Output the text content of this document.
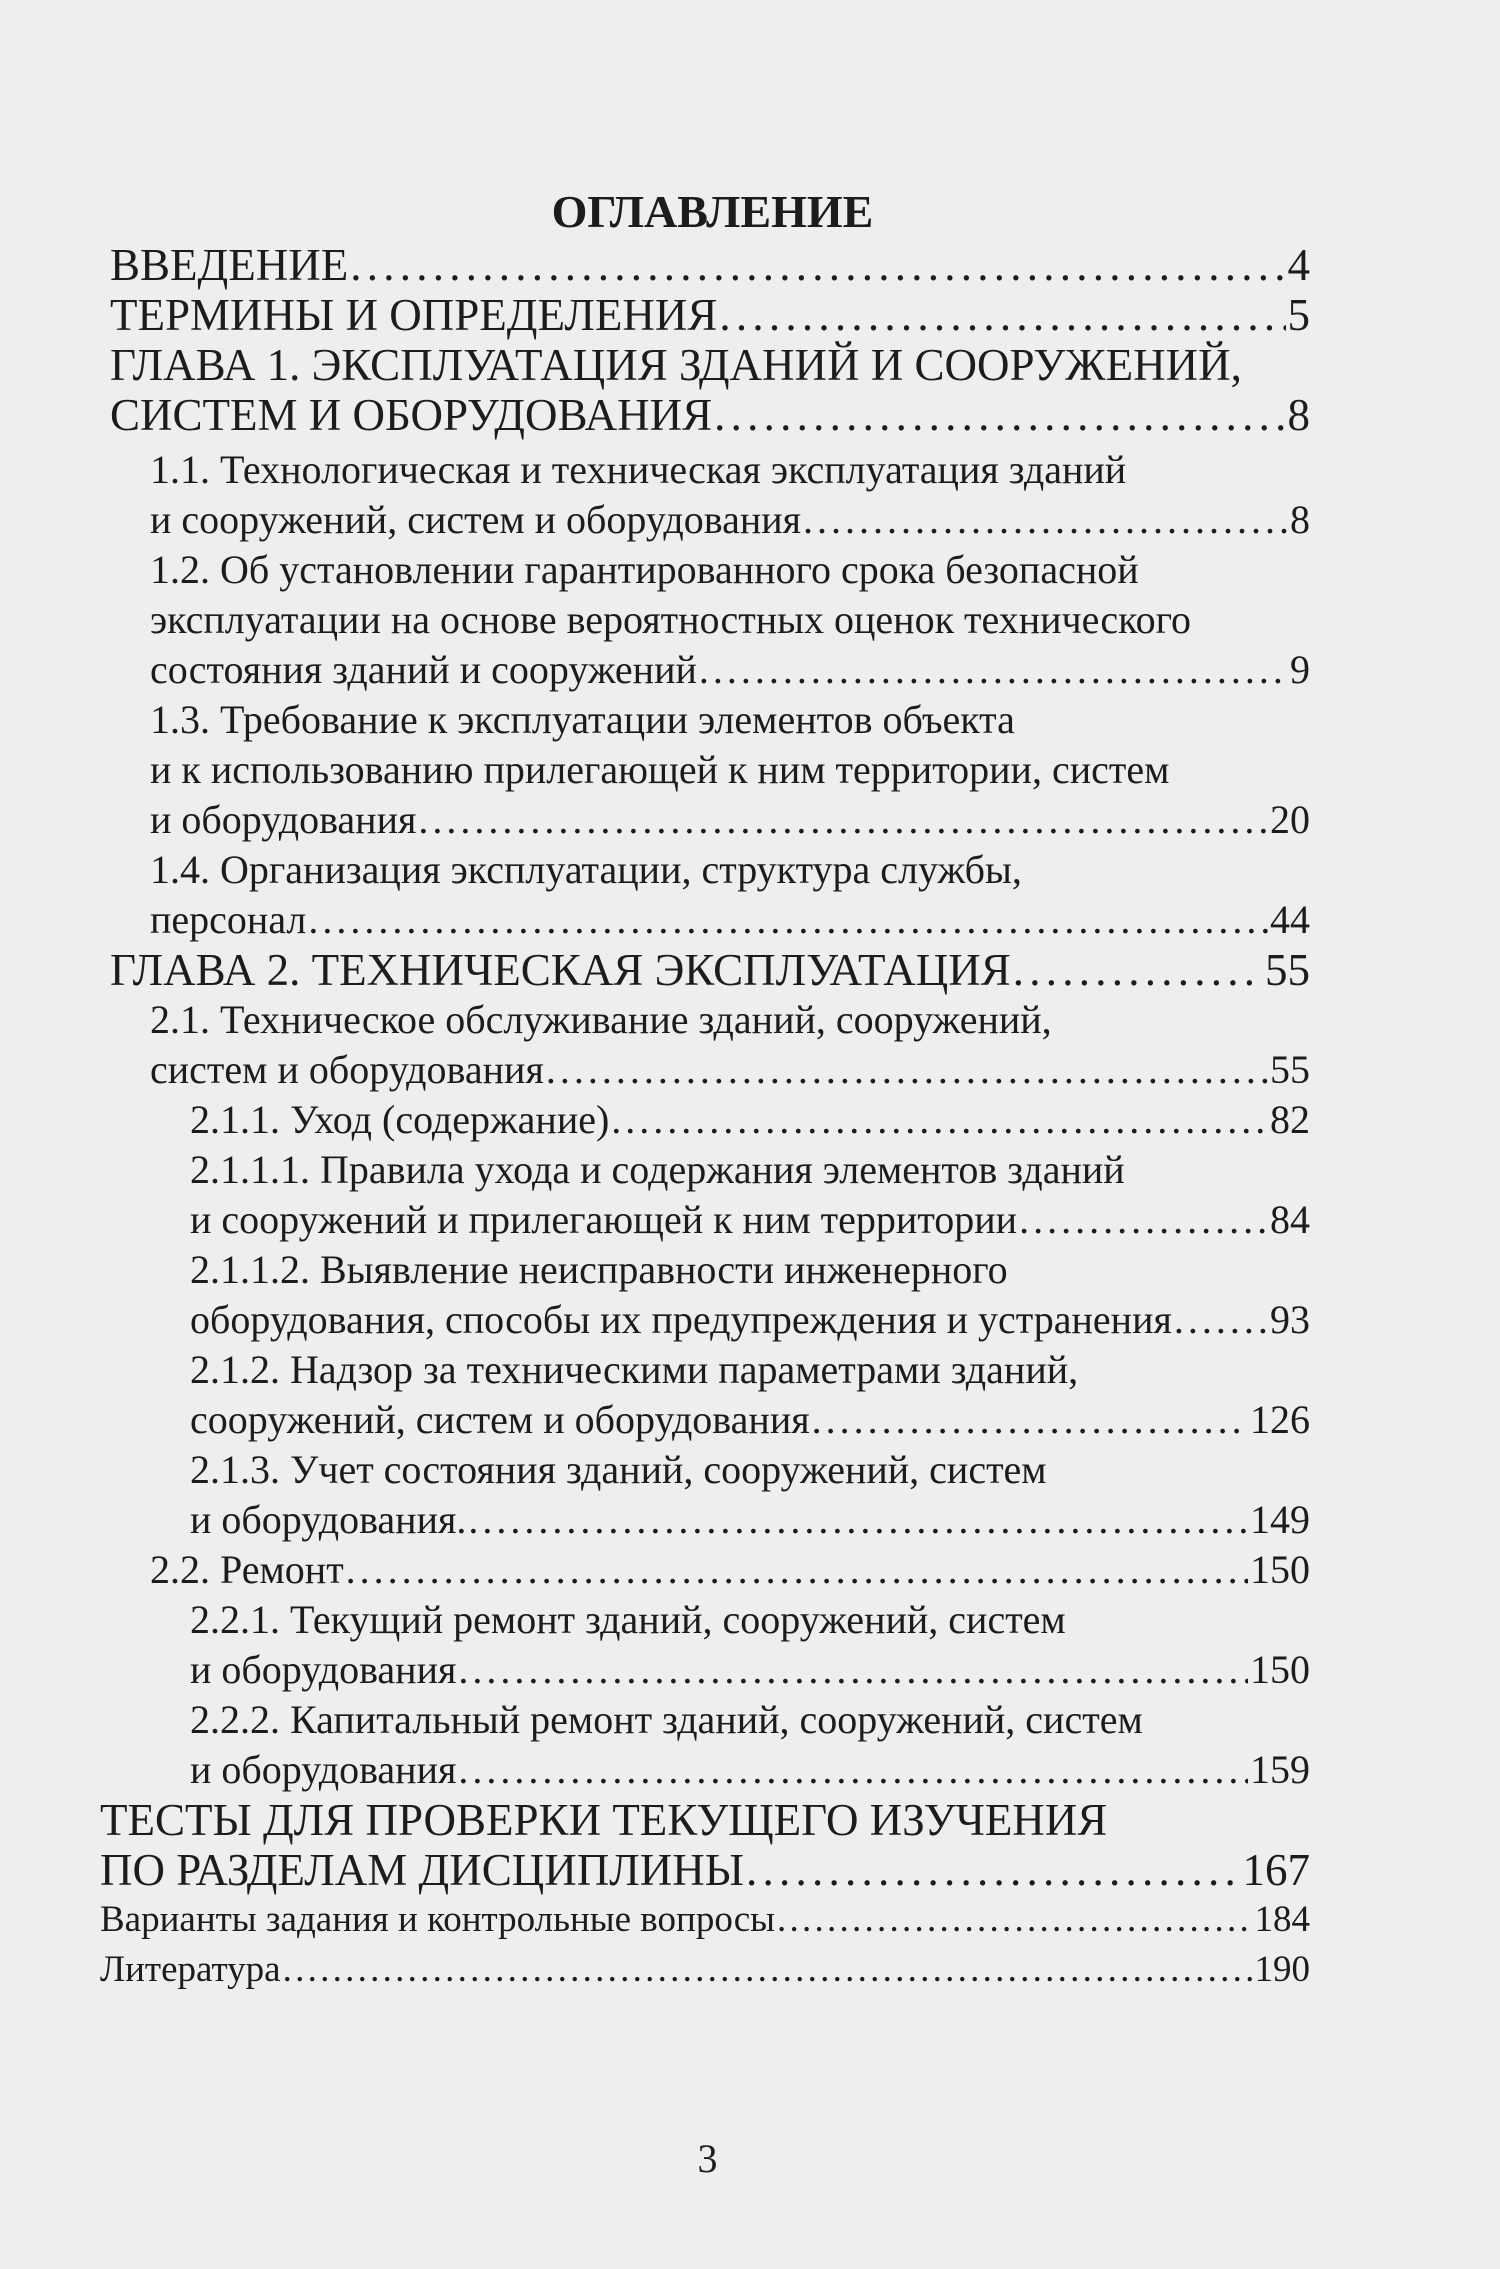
ОГЛАВЛЕНИЕ
ВВЕДЕНИЕ . . .	4
ТЕРМИНЫ И ОПРЕДЕЛЕНИЯ . . .	5
ГЛАВА 1. ЭКСПЛУАТАЦИЯ ЗДАНИЙ И СООРУЖЕНИЙ,
СИСТЕМ И ОБОРУДОВАНИЯ . . .	8
1.1. Технологическая и техническая эксплуатация зданий
и сооружений, систем и оборудования . . .	8
1.2. Об установлении гарантированного срока безопасной
эксплуатации на основе вероятностных оценок технического
состояния зданий и сооружений . . .	9
1.3. Требование к эксплуатации элементов объекта
и к использованию прилегающей к ним территории, систем
и оборудования . . .	20
1.4. Организация эксплуатации, структура службы,
персонал . . .	44
ГЛАВА 2. ТЕХНИЧЕСКАЯ ЭКСПЛУАТАЦИЯ . . .	55
2.1. Техническое обслуживание зданий, сооружений,
систем и оборудования . . .	55
2.1.1. Уход (содержание) . . .	82
2.1.1.1. Правила ухода и содержания элементов зданий
и сооружений и прилегающей к ним территории . . .	84
2.1.1.2. Выявление неисправности инженерного
оборудования, способы их предупреждения и устранения . . . 93
2.1.2. Надзор за техническими параметрами зданий,
сооружений, систем и оборудования . . .	126
2.1.3. Учет состояния зданий, сооружений, систем
и оборудования. . . .	149
2.2. Ремонт . . .	150
2.2.1. Текущий ремонт зданий, сооружений, систем
и оборудования . . .	150
2.2.2. Капитальный ремонт зданий, сооружений, систем
и оборудования . . .	159
ТЕСТЫ ДЛЯ ПРОВЕРКИ ТЕКУЩЕГО ИЗУЧЕНИЯ
ПО РАЗДЕЛАМ ДИСЦИПЛИНЫ . . .	167
Варианты задания и контрольные вопросы . . .	184
Литература . . .	190
3
